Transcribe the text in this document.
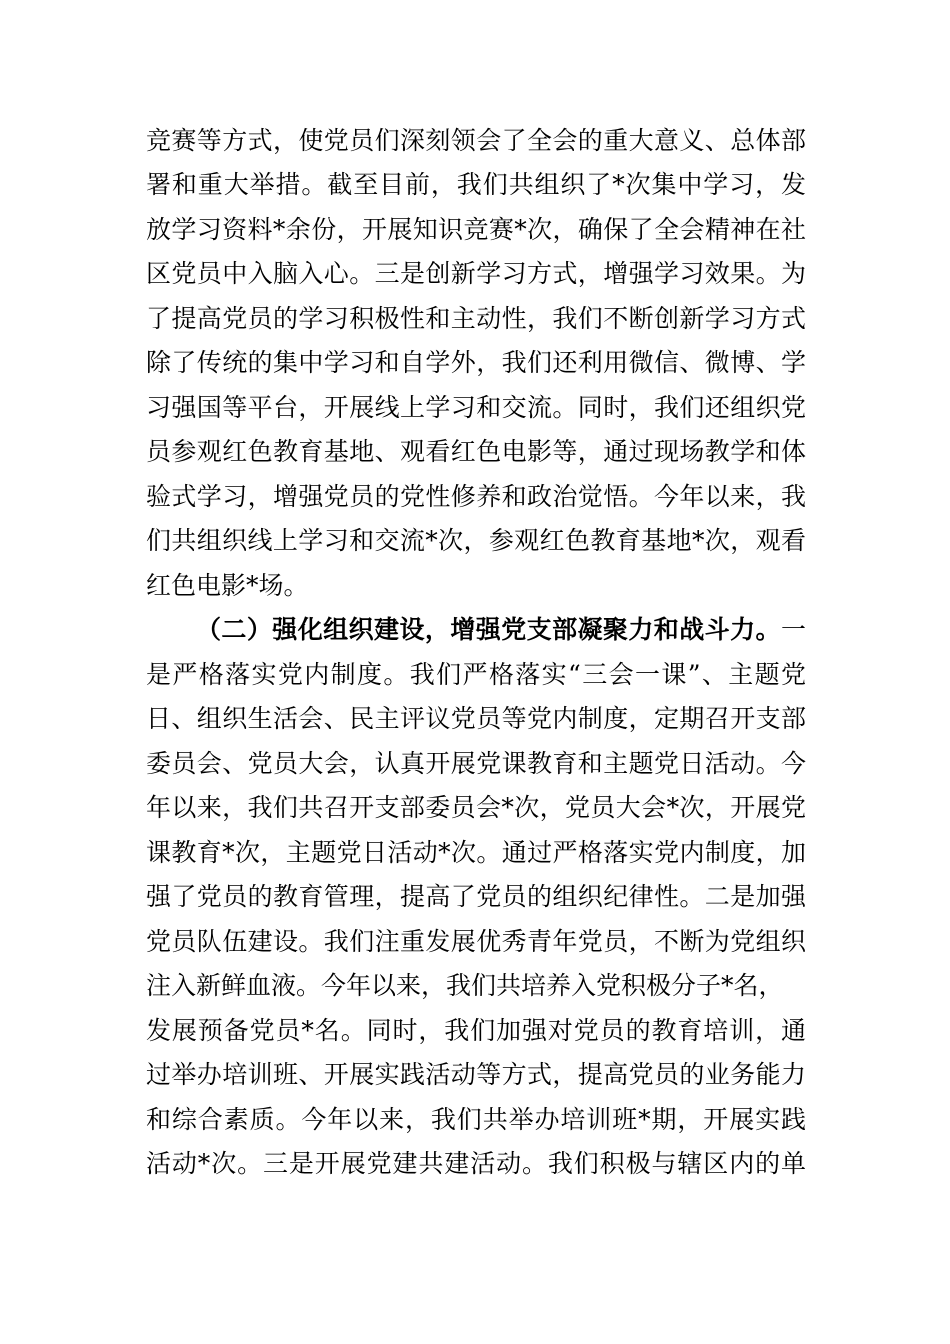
竞赛等方式，使党员们深刻领会了全会的重大意义、总体部
署和重大举措。截至目前，我们共组织了*次集中学习，发
放学习资料*余份，开展知识竞赛*次，确保了全会精神在社
区党员中入脑入心。三是创新学习方式，增强学习效果。为
了提高党员的学习积极性和主动性，我们不断创新学习方式
除了传统的集中学习和自学外，我们还利用微信、微博、学
习强国等平台，开展线上学习和交流。同时，我们还组织党
员参观红色教育基地、观看红色电影等，通过现场教学和体
验式学习，增强党员的党性修养和政治觉悟。今年以来，我
们共组织线上学习和交流*次，参观红色教育基地*次，观看
红色电影*场。
（二）强化组织建设，增强党支部凝聚力和战斗力。一
是严格落实党内制度。我们严格落实“三会一课”、主题党
日、组织生活会、民主评议党员等党内制度，定期召开支部
委员会、党员大会，认真开展党课教育和主题党日活动。今
年以来，我们共召开支部委员会*次，党员大会*次，开展党
课教育*次，主题党日活动*次。通过严格落实党内制度，加
强了党员的教育管理，提高了党员的组织纪律性。二是加强
党员队伍建设。我们注重发展优秀青年党员，不断为党组织
注入新鲜血液。今年以来，我们共培养入党积极分子*名，
发展预备党员*名。同时，我们加强对党员的教育培训，通
过举办培训班、开展实践活动等方式，提高党员的业务能力
和综合素质。今年以来，我们共举办培训班*期，开展实践
活动*次。三是开展党建共建活动。我们积极与辖区内的单
